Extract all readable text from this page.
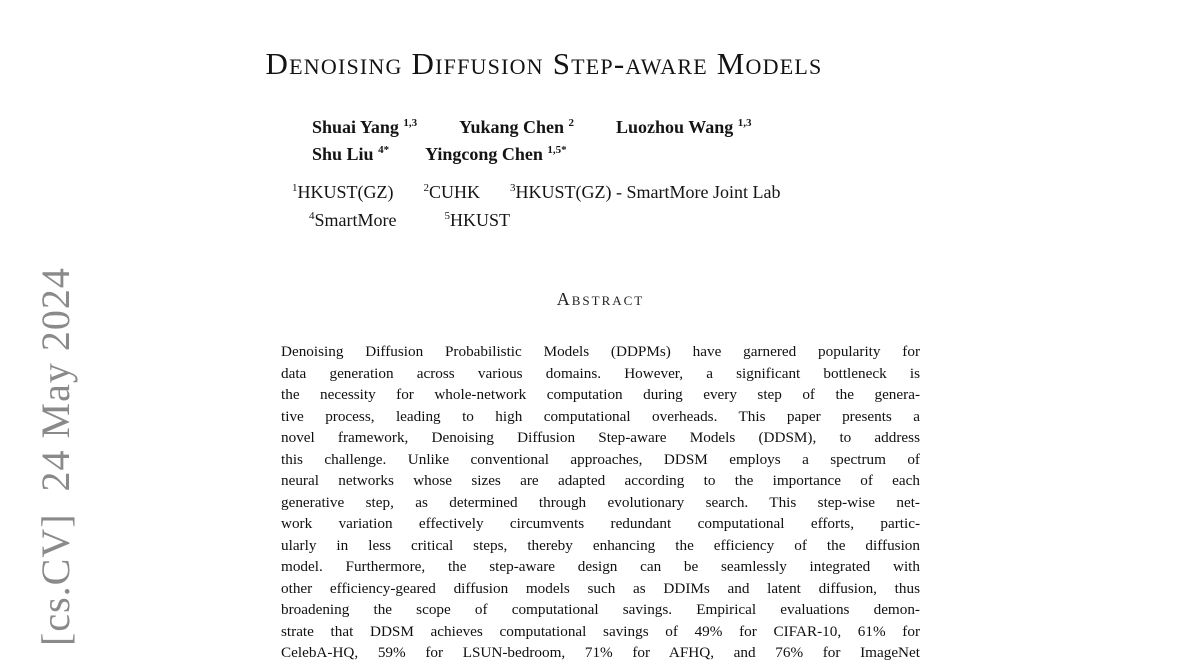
Denoising Diffusion Step-aware Models
Shuai Yang $^{1,3}$ Yukang Chen $^2$ Luozhou Wang $^{1,3}$
Shu Liu $^{4*}$ Yingcong Chen $^{1,5*}$
$^1$HKUST(GZ)	$^2$CUHK	$^3$HKUST(GZ) - SmartMore Joint Lab
$^4$SmartMore	$^5$HKUST
Abstract
Denoising Diffusion Probabilistic Models (DDPMs) have garnered popularity for
data generation across various domains. However, a significant bottleneck is
the necessity for whole-network computation during every step of the genera-
tive process, leading to high computational overheads. This paper presents a
novel framework, Denoising Diffusion Step-aware Models (DDSM), to address
this challenge. Unlike conventional approaches, DDSM employs a spectrum of
neural networks whose sizes are adapted according to the importance of each
generative step, as determined through evolutionary search. This step-wise net-
work variation effectively circumvents redundant computational efforts, partic-
ularly in less critical steps, thereby enhancing the efficiency of the diffusion
model. Furthermore, the step-aware design can be seamlessly integrated with
other efficiency-geared diffusion models such as DDIMs and latent diffusion, thus
broadening the scope of computational savings. Empirical evaluations demon-
strate that DDSM achieves computational savings of 49% for CIFAR-10, 61% for
CelebA-HQ, 59% for LSUN-bedroom, 71% for AFHQ, and 76% for ImageNet
[cs.CV]  24 May 2024
